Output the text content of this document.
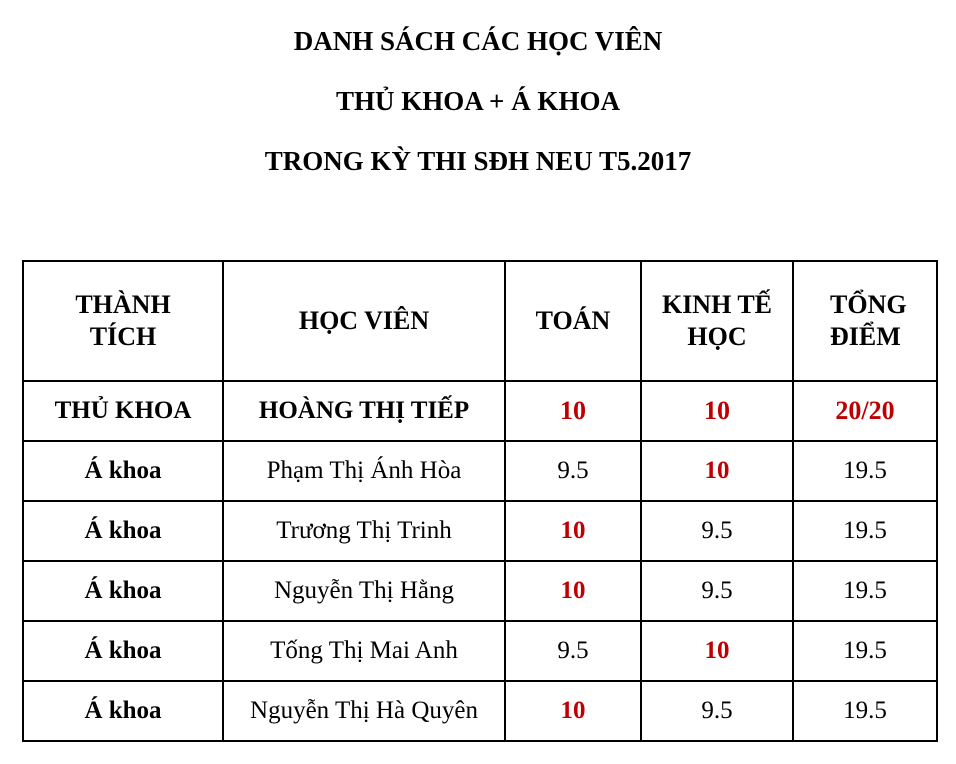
DANH SÁCH CÁC HỌC VIÊN
THỦ KHOA + Á KHOA
TRONG KỲ THI SĐH NEU T5.2017
THÀNH TÍCH	HỌC VIÊN	TOÁN	KINH TẾ HỌC	TỔNG ĐIỂM
THỦ KHOA	HOÀNG THỊ TIẾP	10	10	20/20
Á khoa	Phạm Thị Ánh Hòa	9.5	10	19.5
Á khoa	Trương Thị Trinh	10	9.5	19.5
Á khoa	Nguyễn Thị Hằng	10	9.5	19.5
Á khoa	Tống Thị Mai Anh	9.5	10	19.5
Á khoa	Nguyễn Thị Hà Quyên	10	9.5	19.5
